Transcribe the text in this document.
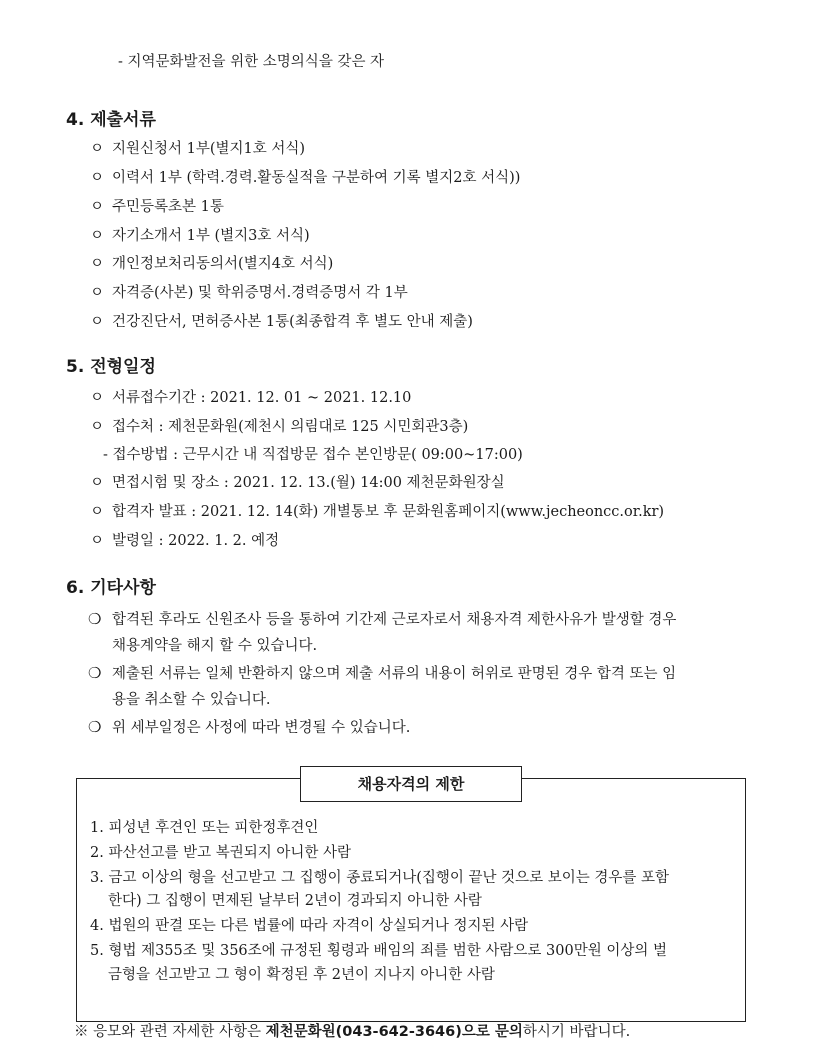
- 지역문화발전을 위한 소명의식을 갖은 자
4. 제출서류
ㅇ 지원신청서 1부(별지1호 서식)
ㅇ 이력서 1부 (학력.경력.활동실적을 구분하여 기록 별지2호 서식))
ㅇ 주민등록초본 1통
ㅇ 자기소개서 1부 (별지3호 서식)
ㅇ 개인정보처리동의서(별지4호 서식)
ㅇ 자격증(사본) 및 학위증명서.경력증명서 각 1부
ㅇ 건강진단서, 면허증사본 1통(최종합격 후 별도 안내 제출)
5. 전형일정
ㅇ 서류접수기간 : 2021. 12. 01 ~ 2021. 12.10
ㅇ 접수처 : 제천문화원(제천시 의림대로 125 시민회관3층)
- 접수방법 : 근무시간 내 직접방문 접수 본인방문( 09:00~17:00)
ㅇ 면접시험 및 장소 : 2021. 12. 13.(월) 14:00 제천문화원장실
ㅇ 합격자 발표 : 2021. 12. 14(화) 개별통보 후 문화원홈페이지(www.jecheoncc.or.kr)
ㅇ 발령일 : 2022. 1. 2. 예정
6. 기타사항
❍ 합격된 후라도 신원조사 등을 통하여 기간제 근로자로서 채용자격 제한사유가 발생할 경우
채용계약을 해지 할 수 있습니다.
❍ 제출된 서류는 일체 반환하지 않으며 제출 서류의 내용이 허위로 판명된 경우 합격 또는 임
용을 취소할 수 있습니다.
❍ 위 세부일정은 사정에 따라 변경될 수 있습니다.
채용자격의 제한
1. 피성년 후견인 또는 피한정후견인
2. 파산선고를 받고 복권되지 아니한 사람
3. 금고 이상의 형을 선고받고 그 집행이 종료되거나(집행이 끝난 것으로 보이는 경우를 포함
한다) 그 집행이 면제된 날부터 2년이 경과되지 아니한 사람
4. 법원의 판결 또는 다른 법률에 따라 자격이 상실되거나 정지된 사람
5. 형법 제355조 및 356조에 규정된 횡령과 배임의 죄를 범한 사람으로 300만원 이상의 벌
금형을 선고받고 그 형이 확정된 후 2년이 지나지 아니한 사람
※ 응모와 관련 자세한 사항은 제천문화원(043-642-3646)으로 문의하시기 바랍니다.
